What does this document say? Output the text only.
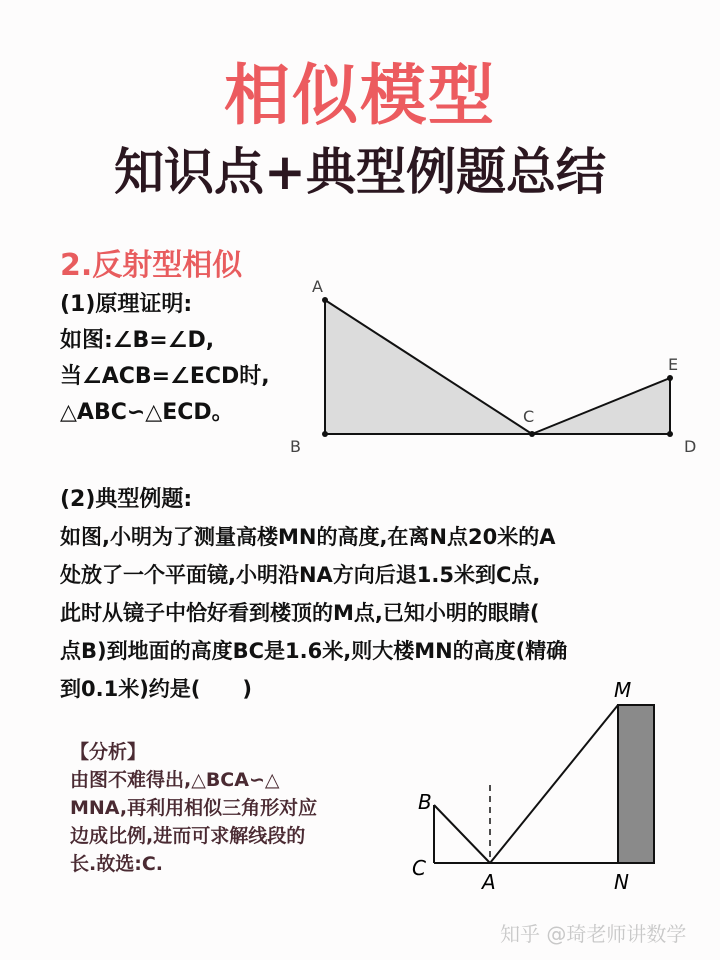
相似模型
知识点+典型例题总结
2.反射型相似
(1)原理证明:
如图:∠B=∠D,
当∠ACB=∠ECD时,
△ABC∽△ECD。
A
B
C
D
E
(2)典型例题:
如图,小明为了测量高楼MN的高度,在离N点20米的A
处放了一个平面镜,小明沿NA方向后退1.5米到C点,
此时从镜子中恰好看到楼顶的M点,已知小明的眼睛(
点B)到地面的高度BC是1.6米,则大楼MN的高度(精确
到0.1米)约是(　　)
【分析】
由图不难得出,△BCA∽△
MNA,再利用相似三角形对应
边成比例,进而可求解线段的
长.故选:C.
M
B
C
A	N
知乎 @琦老师讲数学
